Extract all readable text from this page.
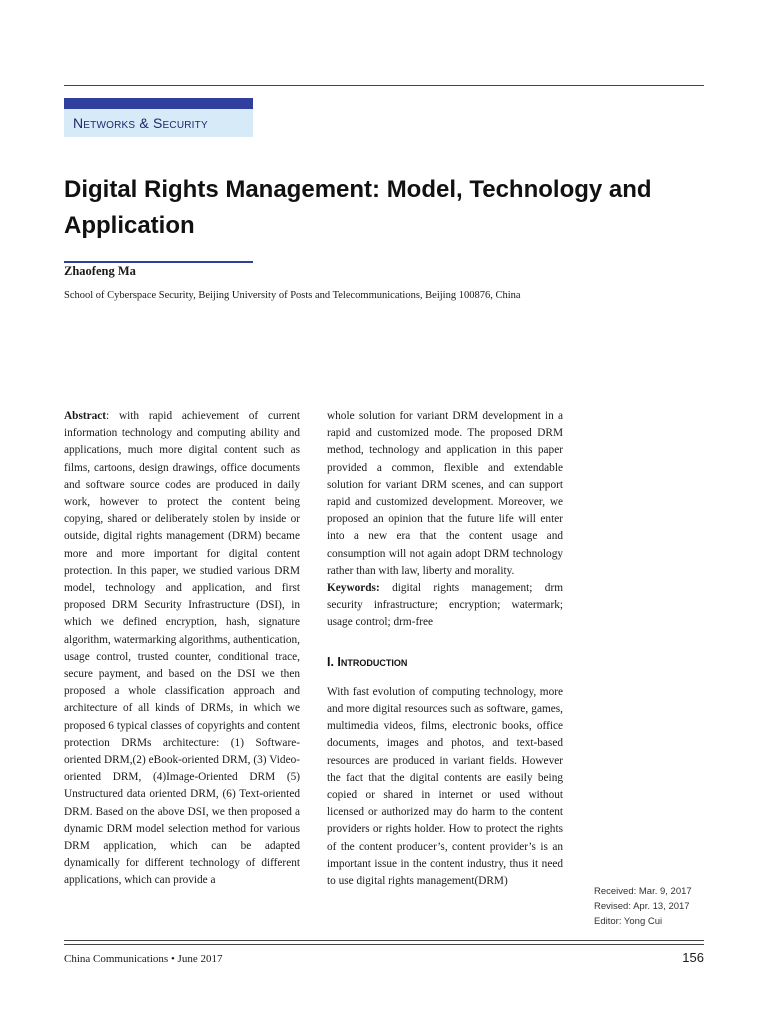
Networks & Security
Digital Rights Management: Model, Technology and Application
Zhaofeng Ma
School of Cyberspace Security, Beijing University of Posts and Telecommunications, Beijing 100876, China

Abstract: with rapid achievement of current information technology and computing ability and applications, much more digital content such as films, cartoons, design drawings, office documents and software source codes are produced in daily work, however to protect the content being copying, shared or deliberately stolen by inside or outside, digital rights management (DRM) became more and more important for digital content protection. In this paper, we studied various DRM model, technology and application, and first proposed DRM Security Infrastructure (DSI), in which we defined encryption, hash, signature algorithm, watermarking algorithms, authentication, usage control, trusted counter, conditional trace, secure payment, and based on the DSI we then proposed a whole classification approach and architecture of all kinds of DRMs, in which we proposed 6 typical classes of copyrights and content protection DRMs architecture: (1) Software-oriented DRM,(2) eBook-oriented DRM, (3) Video-oriented DRM, (4)Image-Oriented DRM (5) Unstructured data oriented DRM, (6) Text-oriented DRM. Based on the above DSI, we then proposed a dynamic DRM model selection method for various DRM application, which can be adapted dynamically for different technology of different applications, which can provide a

whole solution for variant DRM development in a rapid and customized mode. The proposed DRM method, technology and application in this paper provided a common, flexible and extendable solution for variant DRM scenes, and can support rapid and customized development. Moreover, we proposed an opinion that the future life will enter into a new era that the content usage and consumption will not again adopt DRM technology rather than with law, liberty and morality.

Keywords: digital rights management; drm security infrastructure; encryption; watermark; usage control; drm-free

I. Introduction

With fast evolution of computing technology, more and more digital resources such as software, games, multimedia videos, films, electronic books, office documents, images and photos, and text-based resources are produced in variant fields. However the fact that the digital contents are easily being copied or shared in internet or used without licensed or authorized may do harm to the content providers or rights holder. How to protect the rights of the content producer’s, content provider’s is an important issue in the content industry, thus it need to use digital rights management(DRM)

Received: Mar. 9, 2017
Revised: Apr. 13, 2017
Editor: Yong Cui
China Communications • June 2017	156
